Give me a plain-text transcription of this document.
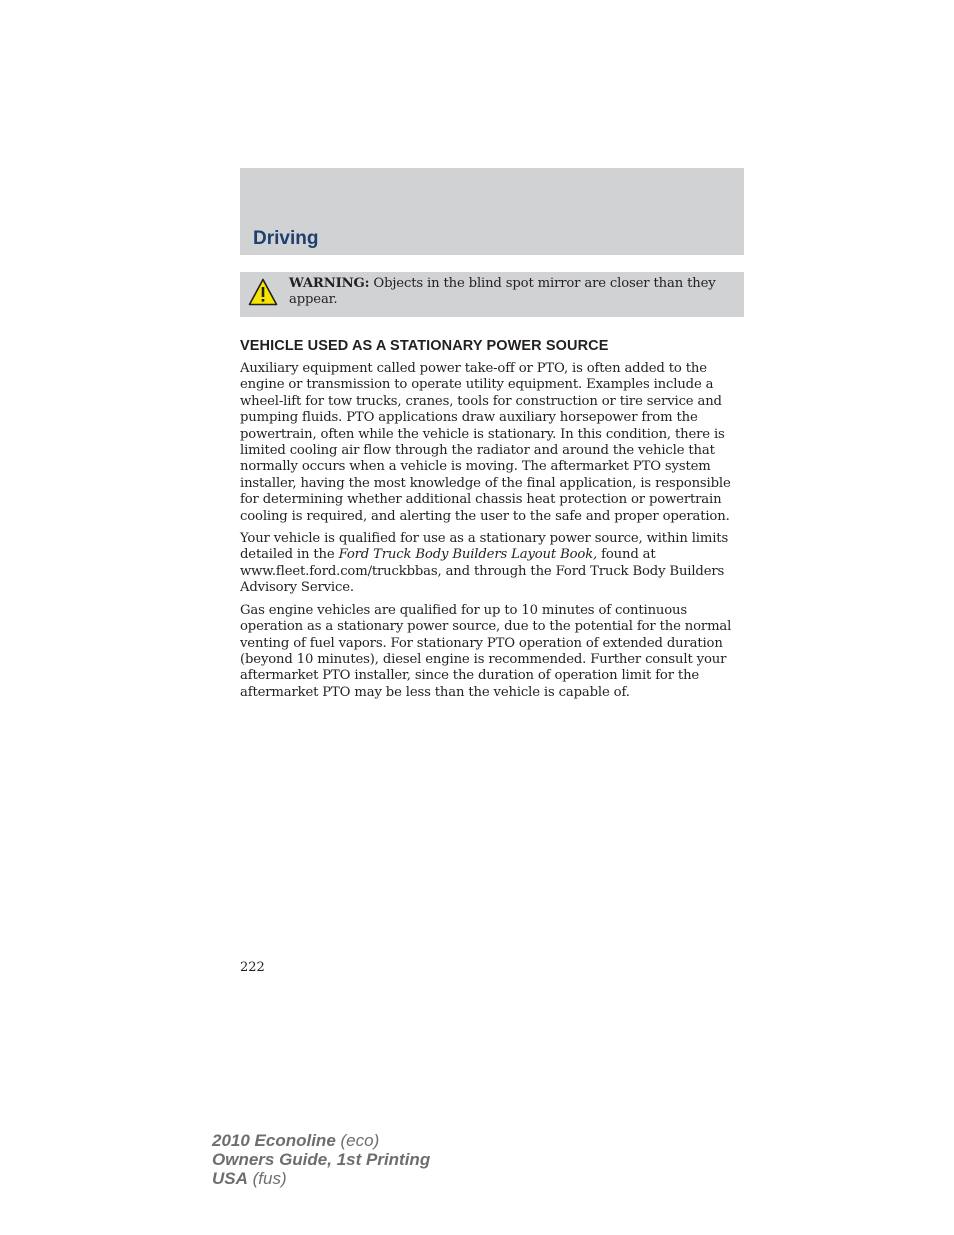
Driving

WARNING: Objects in the blind spot mirror are closer than they appear.

VEHICLE USED AS A STATIONARY POWER SOURCE

Auxiliary equipment called power take-off or PTO, is often added to the engine or transmission to operate utility equipment. Examples include a wheel-lift for tow trucks, cranes, tools for construction or tire service and pumping fluids. PTO applications draw auxiliary horsepower from the powertrain, often while the vehicle is stationary. In this condition, there is limited cooling air flow through the radiator and around the vehicle that normally occurs when a vehicle is moving. The aftermarket PTO system installer, having the most knowledge of the final application, is responsible for determining whether additional chassis heat protection or powertrain cooling is required, and alerting the user to the safe and proper operation.

Your vehicle is qualified for use as a stationary power source, within limits detailed in the Ford Truck Body Builders Layout Book, found at www.fleet.ford.com/truckbbas, and through the Ford Truck Body Builders Advisory Service.

Gas engine vehicles are qualified for up to 10 minutes of continuous operation as a stationary power source, due to the potential for the normal venting of fuel vapors. For stationary PTO operation of extended duration (beyond 10 minutes), diesel engine is recommended. Further consult your aftermarket PTO installer, since the duration of operation limit for the aftermarket PTO may be less than the vehicle is capable of.

222
2010 Econoline (eco)
Owners Guide, 1st Printing
USA (fus)
